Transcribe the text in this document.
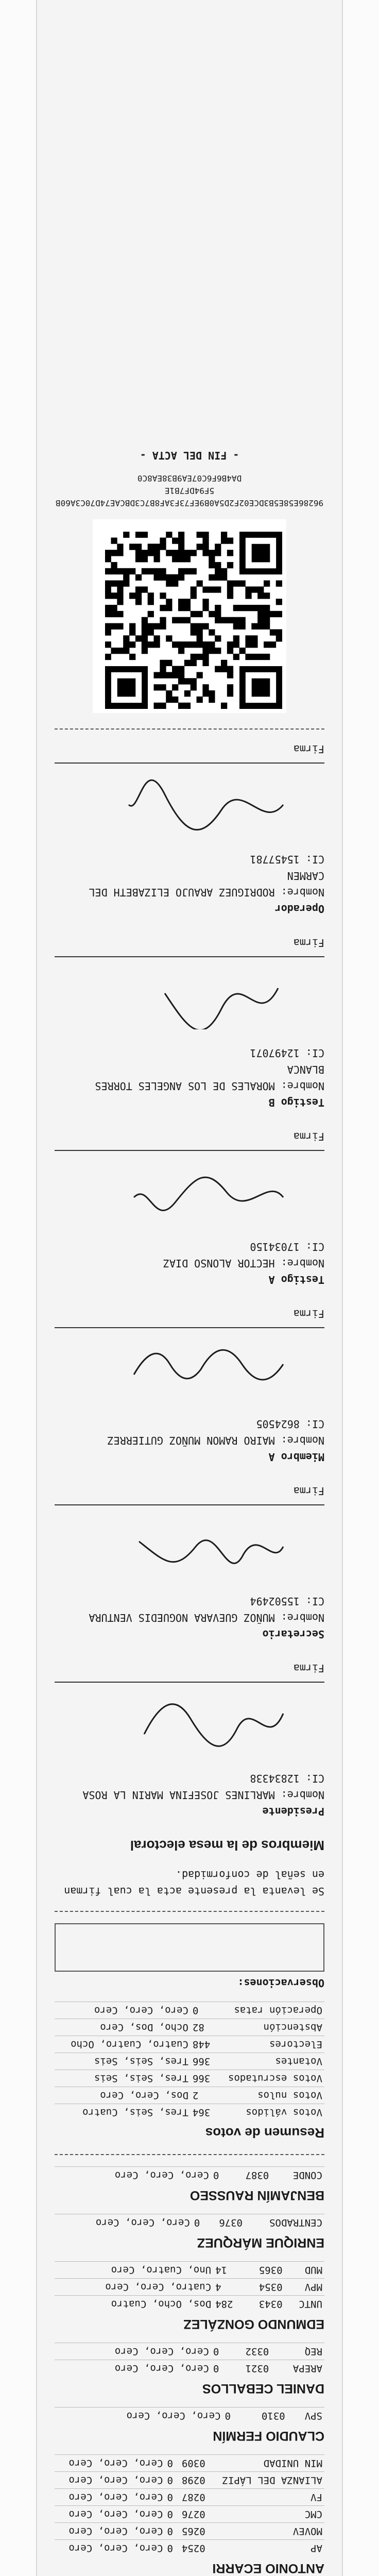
ANTONIO ECARRI
AP	0254	0	Cero, Cero, Cero
MOVEV	0265	0	Cero, Cero, Cero
CMC	0276	0	Cero, Cero, Cero
FV	0287	0	Cero, Cero, Cero
ALIANZA DEL LÁPIZ	0298	0	Cero, Cero, Cero
MIN UNIDAD	0309	0	Cero, Cero, Cero
CLAUDIO FERMÍN
SPV	0310	0	Cero, Cero, Cero
DANIEL CEBALLOS
AREPA	0321	0	Cero, Cero, Cero
REQ	0332	0	Cero, Cero, Cero
EDMUNDO GONZÁLEZ
UNTC	0343	284	Dos, Ocho, Cuatro
MPV	0354	4	Cuatro, Cero, Cero
MUD	0365	14	Uno, Cuatro, Cero
ENRIQUE MÁRQUEZ
CENTRADOS	0376	0	Cero, Cero, Cero
BENJAMÍN RAUSSEO
CONDE	0387	0	Cero, Cero, Cero
Resumen de votos
Votos válidos	364	Tres, Seis, Cuatro
Votos nulos	2	Dos, Cero, Cero
Votos escrutados	366	Tres, Seis, Seis
Votantes	366	Tres, Seis, Seis
Electores	448	Cuatro, Cuatro, Ocho
Abstención	82	Ocho, Dos, Cero
Operación ratas	0	Cero, Cero, Cero
Observaciones:
Se levanta la presente acta la cual firman en señal de conformidad.
Miembros de la mesa electoral
Presidente
Nombre: MARLINES JOSEFINA MARIN LA ROSA
CI: 12834338
Firma
Secretario
Nombre: MUÑOZ GUEVARA NOGUEDIS VENTURA
CI: 15502494
Firma
Miembro A
Nombre: MAIRO RAMON MUÑOZ GUTIERREZ
CI: 8624505
Firma
Testigo A
Nombre: HECTOR ALONSO DIAZ
CI: 17034150
Firma
Testigo B
Nombre: MORALES DE LOS ANGELES TORRES BLANCA
CI: 12497071
Firma
Operador
Nombre: RODRIGUEZ ARAUJO ELIZABETH DEL CARMEN
CI: 15457781
Firma
96286E58E5B3DCE02F2D5A0B9EF73F3AF8B7C3DBCAE74D70C3A60B5F94DF7B1E
DA4B6F6C07EA9B38EA8C0
- FIN DEL ACTA -
